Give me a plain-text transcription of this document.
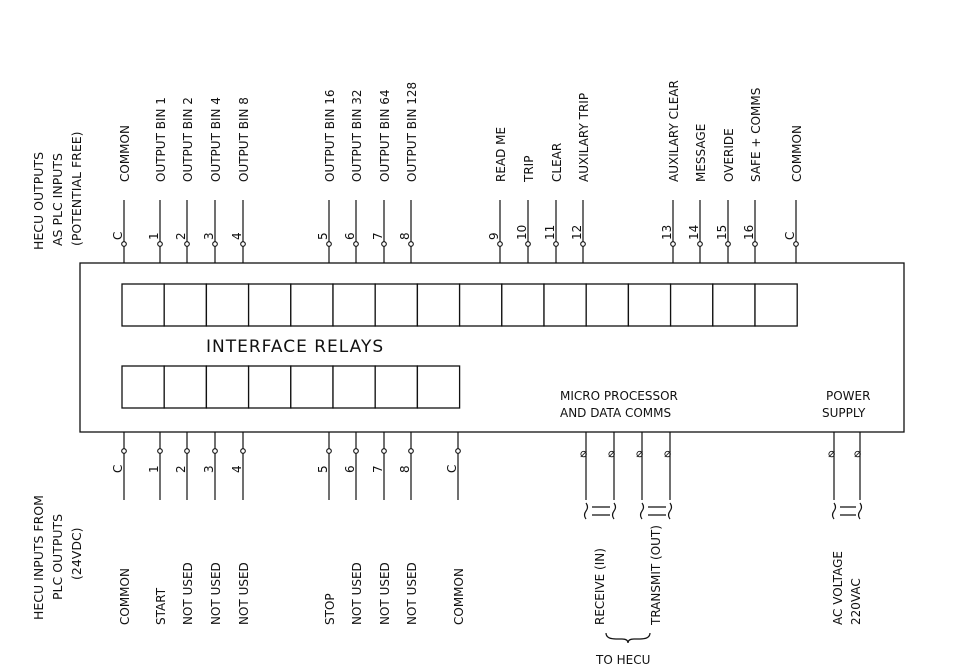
HECU OUTPUTS AS PLC INPUTS (POTENTIAL FREE)
HECU INPUTS FROM PLC OUTPUTS (24VDC)
INTERFACE RELAYS
MICRO PROCESSOR
AND DATA COMMS
POWER
SUPPLY
C
COMMON
1
OUTPUT BIN 1
2
OUTPUT BIN 2
3
OUTPUT BIN 4
4
OUTPUT BIN 8
5
OUTPUT BIN 16
6
OUTPUT BIN 32
7
OUTPUT BIN 64
8
OUTPUT BIN 128
9
READ ME
10
TRIP
11
CLEAR
12
AUXILARY TRIP
13
AUXILARY CLEAR
14
MESSAGE
15
OVERIDE
16
SAFE + COMMS
C
COMMON
C
COMMON
1
START
2
NOT USED
3
NOT USED
4
NOT USED
5
STOP
6
NOT USED
7
NOT USED
8
NOT USED
C
COMMON
⌀ ⌀ ⌀ ⌀
RECEIVE (IN)	TRANSMIT (OUT)
TO HECU
⌀ ⌀
AC VOLTAGE 220VAC
